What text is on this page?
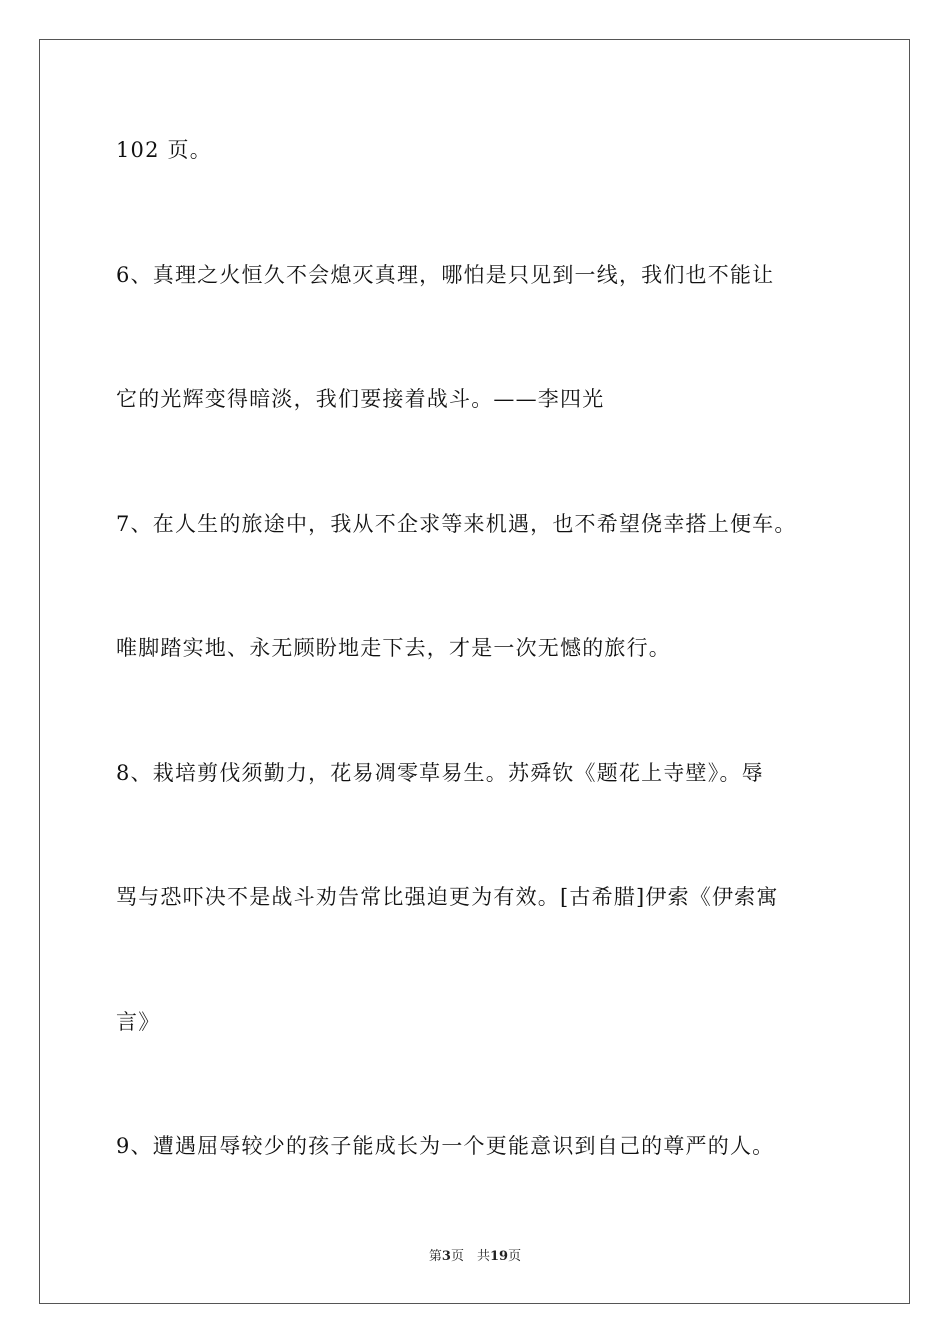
102 页。
6、真理之火恒久不会熄灭真理，哪怕是只见到一线，我们也不能让
它的光辉变得暗淡，我们要接着战斗。——李四光
7、在人生的旅途中，我从不企求等来机遇，也不希望侥幸搭上便车。
唯脚踏实地、永无顾盼地走下去，才是一次无憾的旅行。
8、栽培剪伐须勤力，花易凋零草易生。苏舜钦《题花上寺壁》。辱
骂与恐吓决不是战斗劝告常比强迫更为有效。[古希腊]伊索《伊索寓
言》
9、遭遇屈辱较少的孩子能成长为一个更能意识到自己的尊严的人。
第3页　共19页
